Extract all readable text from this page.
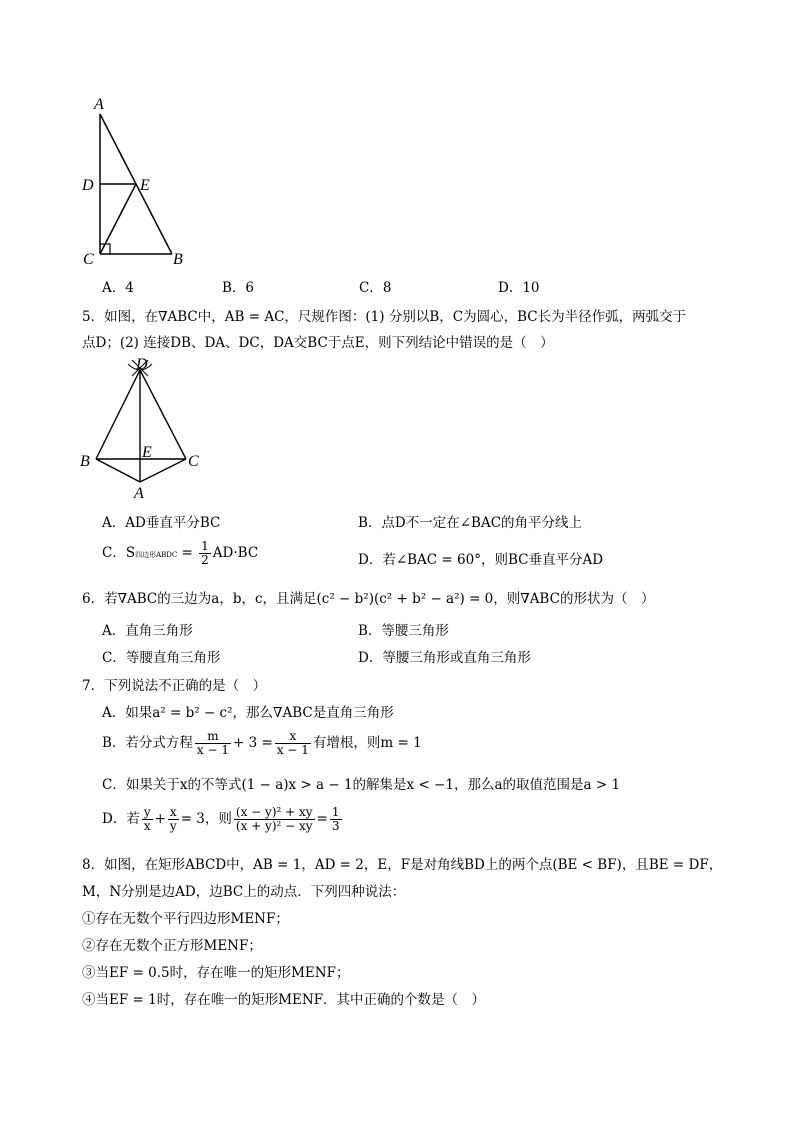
A
D	E
C	B
A．4	B．6	C．8	D．10
5．如图，在∇ABC中，AB = AC，尺规作图：(1) 分别以B，C为圆心，BC长为半径作弧，两弧交于
点D；(2) 连接DB、DA、DC，DA交BC于点E，则下列结论中错误的是（　）
D
B
E
C
A
A．AD垂直平分BC	B．点D不一定在∠BAC的角平分线上
C．S四边形ABDC = $\frac{1}{2} AD\cdot BC$	D．若∠BAC = 60°，则BC垂直平分AD
6．若∇ABC的三边为a，b，c，且满足(c² − b²)(c² + b² − a²) = 0，则∇ABC的形状为（　）
A．直角三角形	B．等腰三角形
C．等腰直角三角形	D．等腰三角形或直角三角形
7．下列说法不正确的是（　）
A．如果a² = b² − c²，那么∇ABC是直角三角形
B．若分式方程 $\frac{m}{x - 1} + 3 = \frac{x}{x - 1}$ 有增根，则m = 1
C．如果关于x的不等式(1 − a)x > a − 1的解集是x < −1，那么a的取值范围是a > 1
D．若 $\frac{y}{x} + \frac{x}{y} = 3$，则 $\frac{\text{(x − y)² + xy}}{\text{(x + y)² − xy}} = \frac{1}{3}$
8．如图，在矩形ABCD中，AB = 1，AD = 2，E，F是对角线BD上的两个点(BE < BF)，且BE = DF，
M，N分别是边AD，边BC上的动点．下列四种说法：
①存在无数个平行四边形MENF；
②存在无数个正方形MENF；
③当EF = 0.5时，存在唯一的矩形MENF；
④当EF = 1时，存在唯一的矩形MENF．其中正确的个数是（　）
